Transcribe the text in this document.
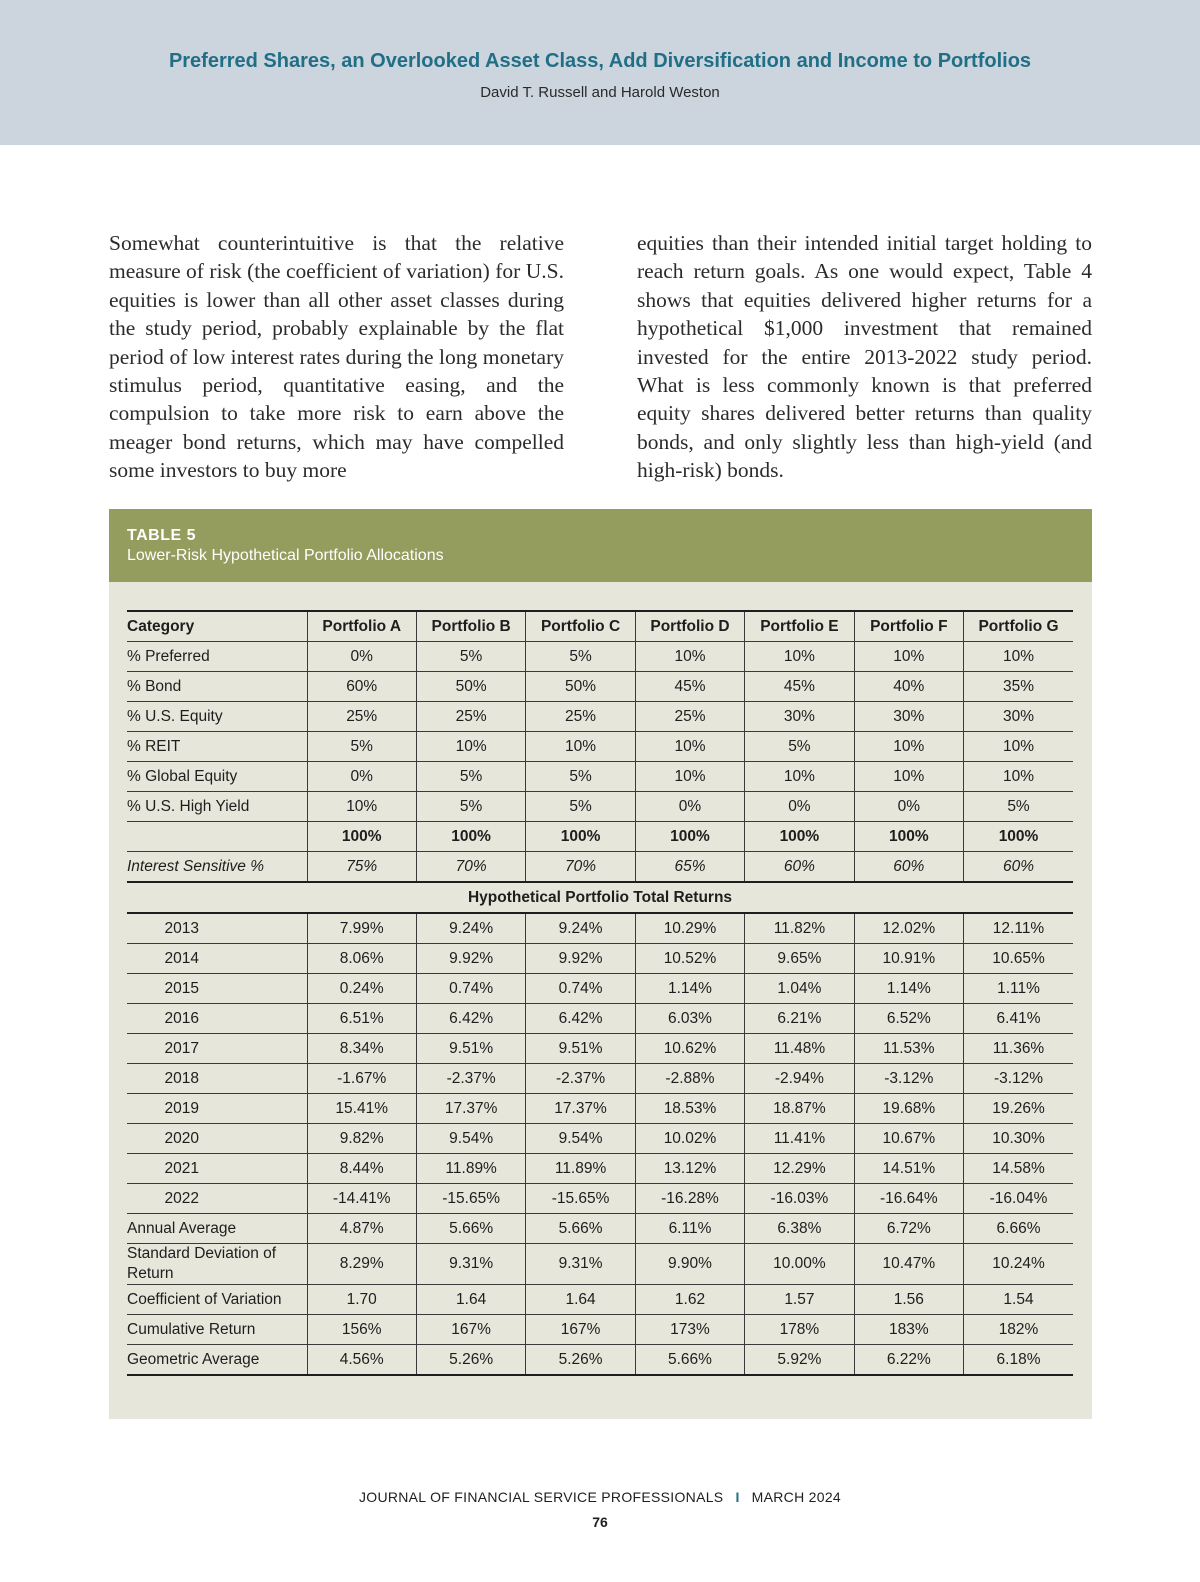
Preferred Shares, an Overlooked Asset Class, Add Diversification and Income to Portfolios
David T. Russell and Harold Weston
Somewhat counterintuitive is that the relative measure of risk (the coefficient of variation) for U.S. equities is lower than all other asset classes during the study period, probably explainable by the flat period of low interest rates during the long monetary stimulus period, quantitative easing, and the compulsion to take more risk to earn above the meager bond returns, which may have compelled some investors to buy more
equities than their intended initial target holding to reach return goals. As one would expect, Table 4 shows that equities delivered higher returns for a hypothetical $1,000 investment that remained invested for the entire 2013-2022 study period. What is less commonly known is that preferred equity shares delivered better returns than quality bonds, and only slightly less than high-yield (and high-risk) bonds.
TABLE 5
Lower-Risk Hypothetical Portfolio Allocations
Category	Portfolio A	Portfolio B	Portfolio C	Portfolio D	Portfolio E	Portfolio F	Portfolio G
% Preferred	0%	5%	5%	10%	10%	10%	10%
% Bond	60%	50%	50%	45%	45%	40%	35%
% U.S. Equity	25%	25%	25%	25%	30%	30%	30%
% REIT	5%	10%	10%	10%	5%	10%	10%
% Global Equity	0%	5%	5%	10%	10%	10%	10%
% U.S. High Yield	10%	5%	5%	0%	0%	0%	5%
	100%	100%	100%	100%	100%	100%	100%
Interest Sensitive %	75%	70%	70%	65%	60%	60%	60%
Hypothetical Portfolio Total Returns							
2013	7.99%	9.24%	9.24%	10.29%	11.82%	12.02%	12.11%
2014	8.06%	9.92%	9.92%	10.52%	9.65%	10.91%	10.65%
2015	0.24%	0.74%	0.74%	1.14%	1.04%	1.14%	1.11%
2016	6.51%	6.42%	6.42%	6.03%	6.21%	6.52%	6.41%
2017	8.34%	9.51%	9.51%	10.62%	11.48%	11.53%	11.36%
2018	-1.67%	-2.37%	-2.37%	-2.88%	-2.94%	-3.12%	-3.12%
2019	15.41%	17.37%	17.37%	18.53%	18.87%	19.68%	19.26%
2020	9.82%	9.54%	9.54%	10.02%	11.41%	10.67%	10.30%
2021	8.44%	11.89%	11.89%	13.12%	12.29%	14.51%	14.58%
2022	-14.41%	-15.65%	-15.65%	-16.28%	-16.03%	-16.64%	-16.04%
Annual Average	4.87%	5.66%	5.66%	6.11%	6.38%	6.72%	6.66%
Standard Deviation of Return	8.29%	9.31%	9.31%	9.90%	10.00%	10.47%	10.24%
Coefficient of Variation	1.70	1.64	1.64	1.62	1.57	1.56	1.54
Cumulative Return	156%	167%	167%	173%	178%	183%	182%
Geometric Average	4.56%	5.26%	5.26%	5.66%	5.92%	6.22%	6.18%
JOURNAL OF FINANCIAL SERVICE PROFESSIONALS I MARCH 2024
76
